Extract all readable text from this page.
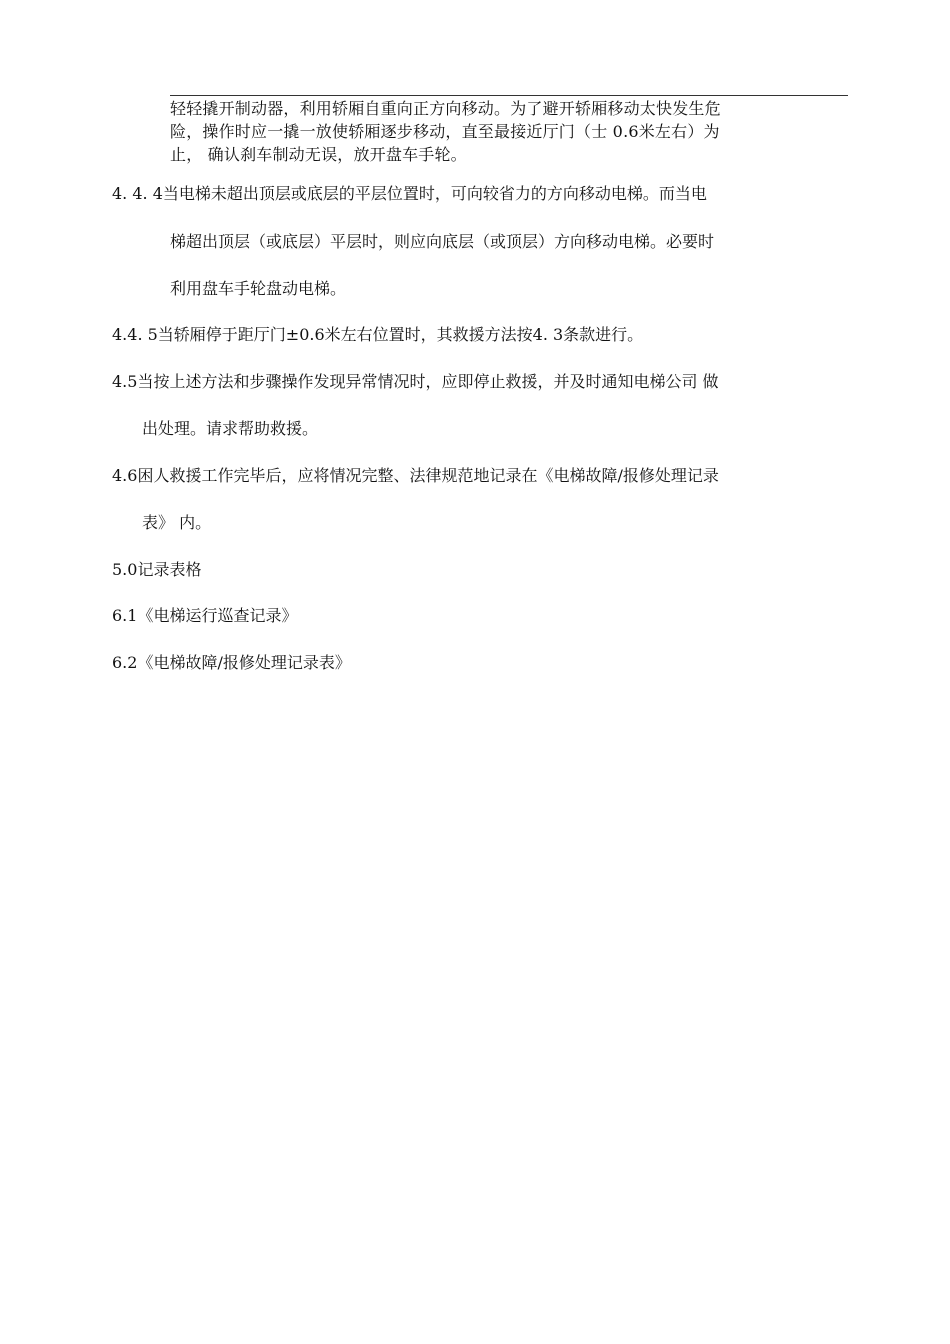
轻轻撬开制动器，利用轿厢自重向正方向移动。为了避开轿厢移动太快发生危

险，操作时应一撬一放使轿厢逐步移动，直至最接近厅门（士 0.6米左右）为

止， 确认刹车制动无误，放开盘车手轮。

4. 4. 4当电梯未超出顶层或底层的平层位置时，可向较省力的方向移动电梯。而当电
梯超出顶层（或底层）平层时，则应向底层（或顶层）方向移动电梯。必要时
利用盘车手轮盘动电梯。
4.4. 5当轿厢停于距厅门±0.6米左右位置时，其救援方法按4. 3条款进行。
4.5当按上述方法和步骤操作发现异常情况时，应即停止救援，并及时通知电梯公司 做
出处理。请求帮助救援。
4.6困人救援工作完毕后，应将情况完整、法律规范地记录在《电梯故障/报修处理记录
表》 内。
5.0记录表格
6.1《电梯运行巡查记录》
6.2《电梯故障/报修处理记录表》
